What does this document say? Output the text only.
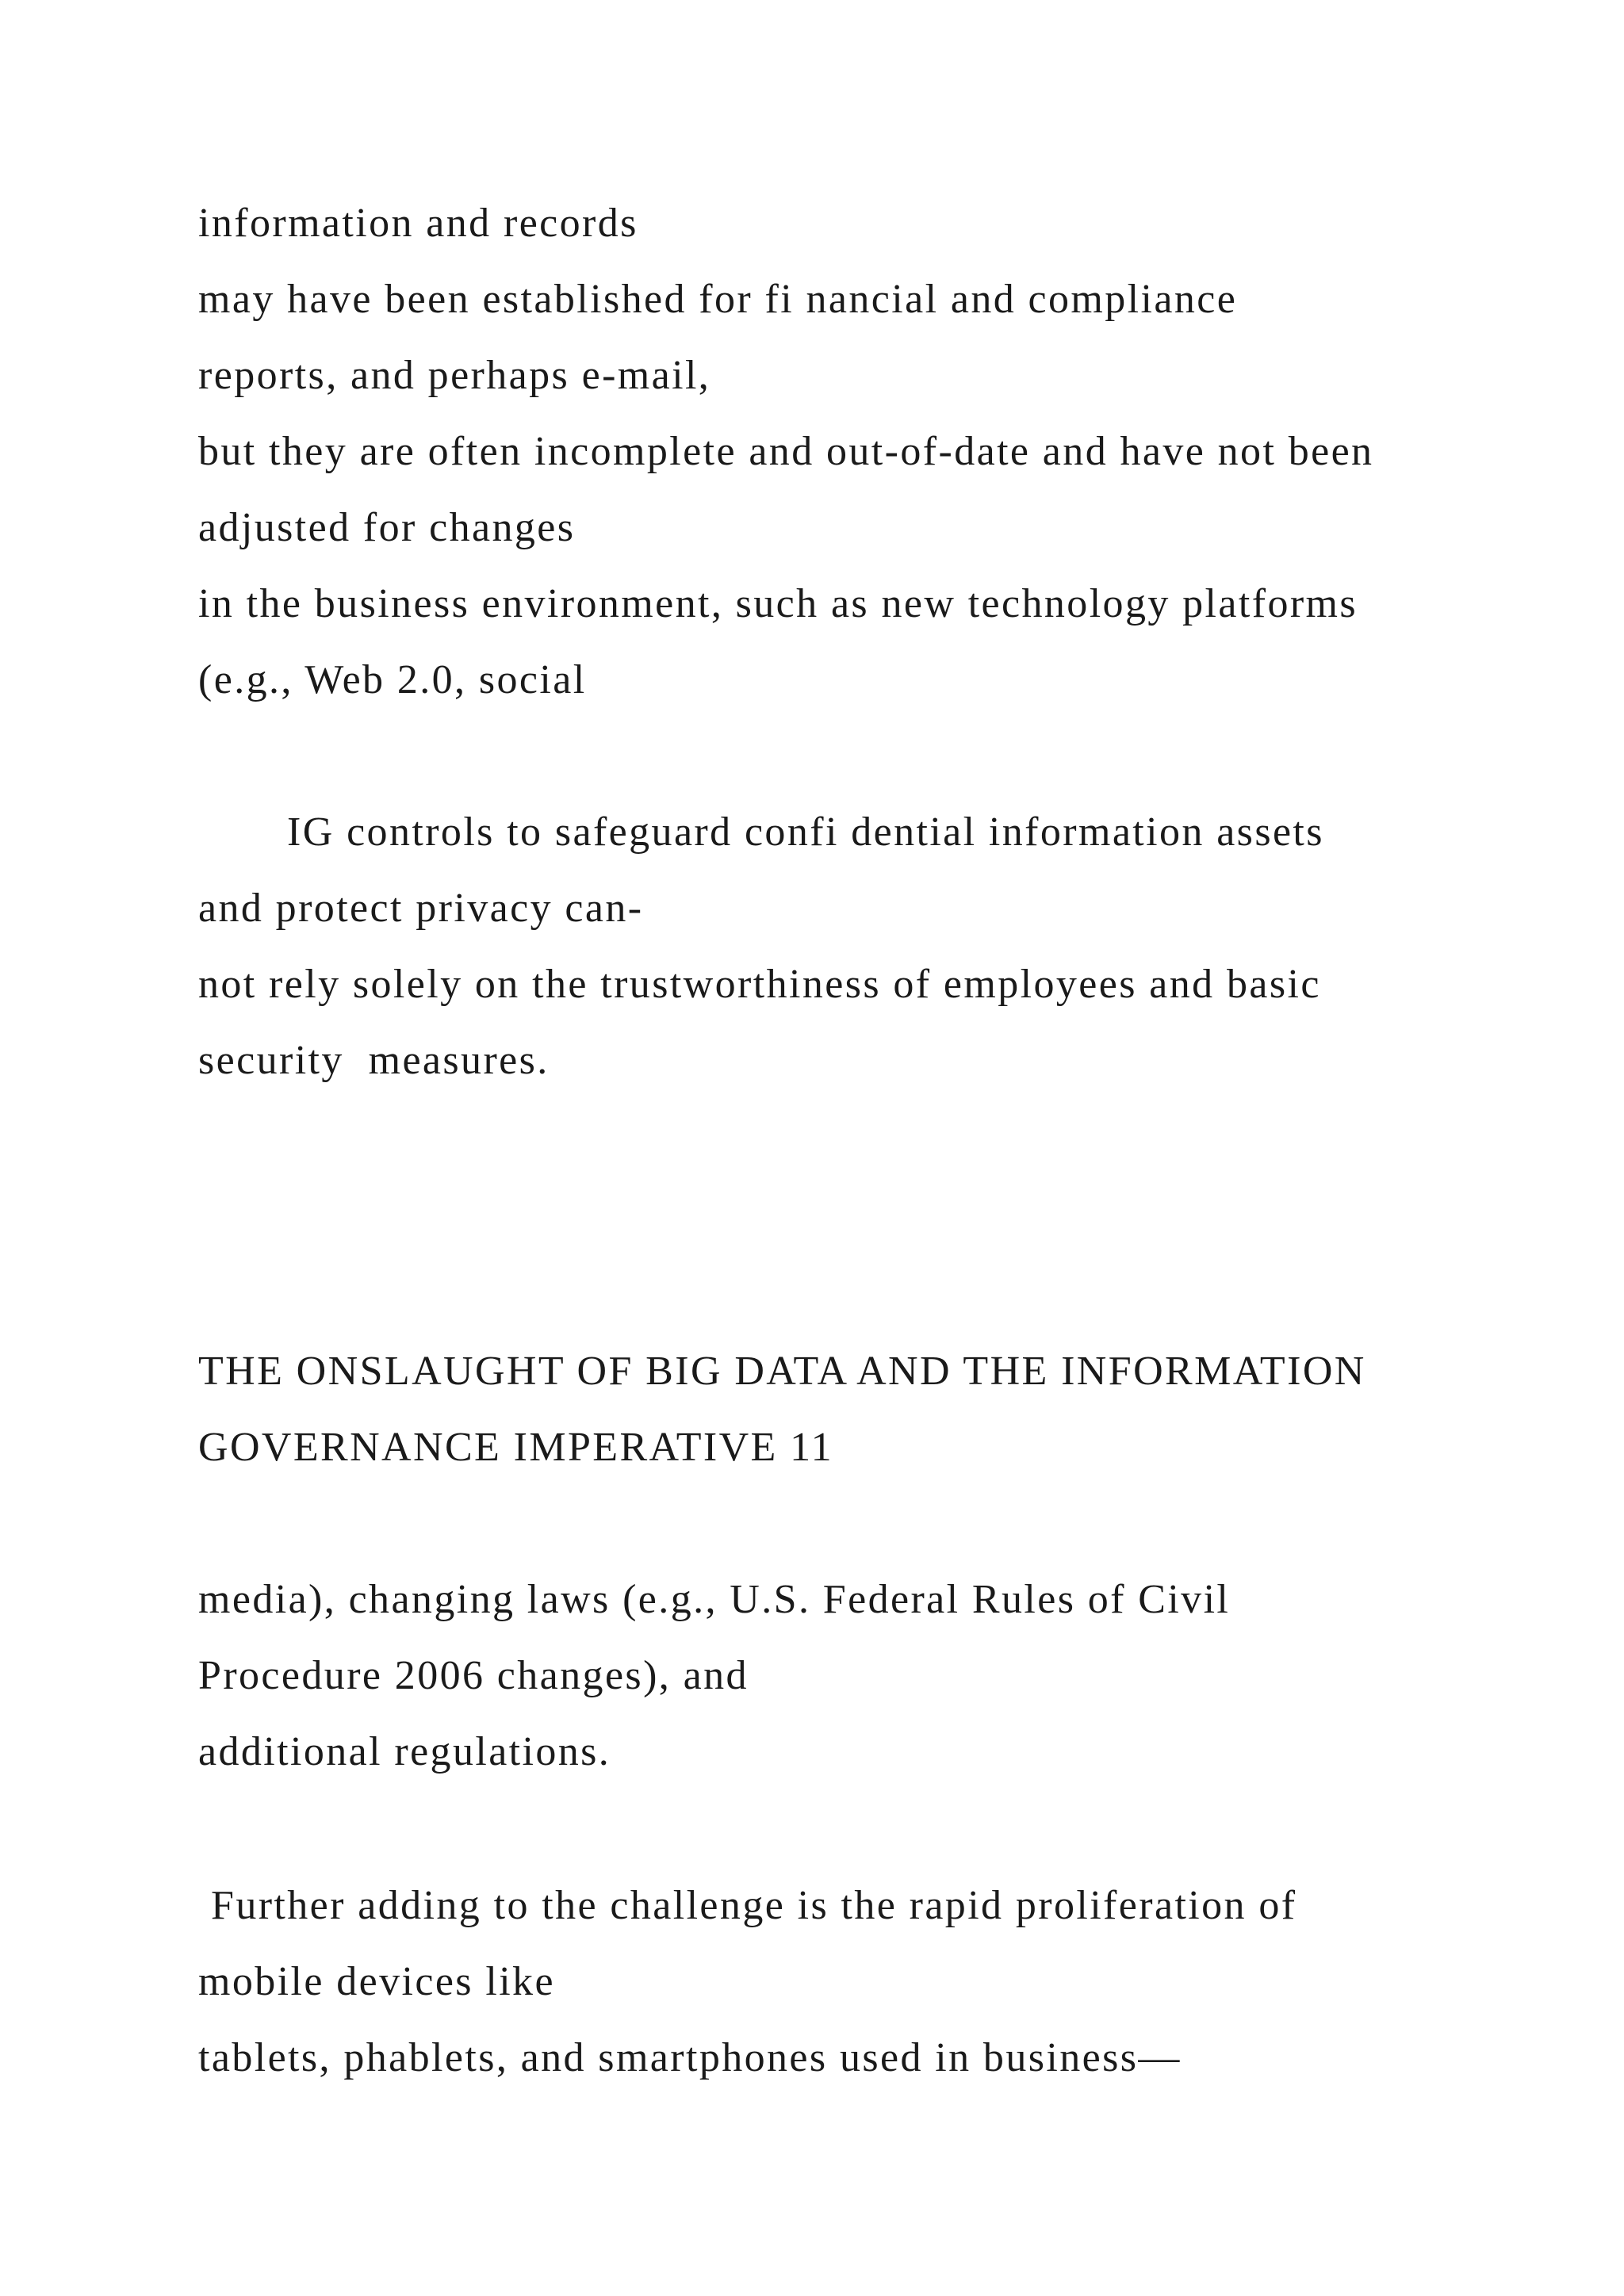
information and records
may have been established for fi nancial and compliance
reports, and perhaps e-mail,
but they are often incomplete and out-of-date and have not been
adjusted for changes
in the business environment, such as new technology platforms
(e.g., Web 2.0, social
IG controls to safeguard confi dential information assets
and protect privacy can-
not rely solely on the trustworthiness of employees and basic
security  measures.
THE ONSLAUGHT OF BIG DATA AND THE INFORMATION
GOVERNANCE IMPERATIVE 11
media), changing laws (e.g., U.S. Federal Rules of Civil
Procedure 2006 changes), and
additional regulations.
Further adding to the challenge is the rapid proliferation of
mobile devices like
tablets, phablets, and smartphones used in business—
